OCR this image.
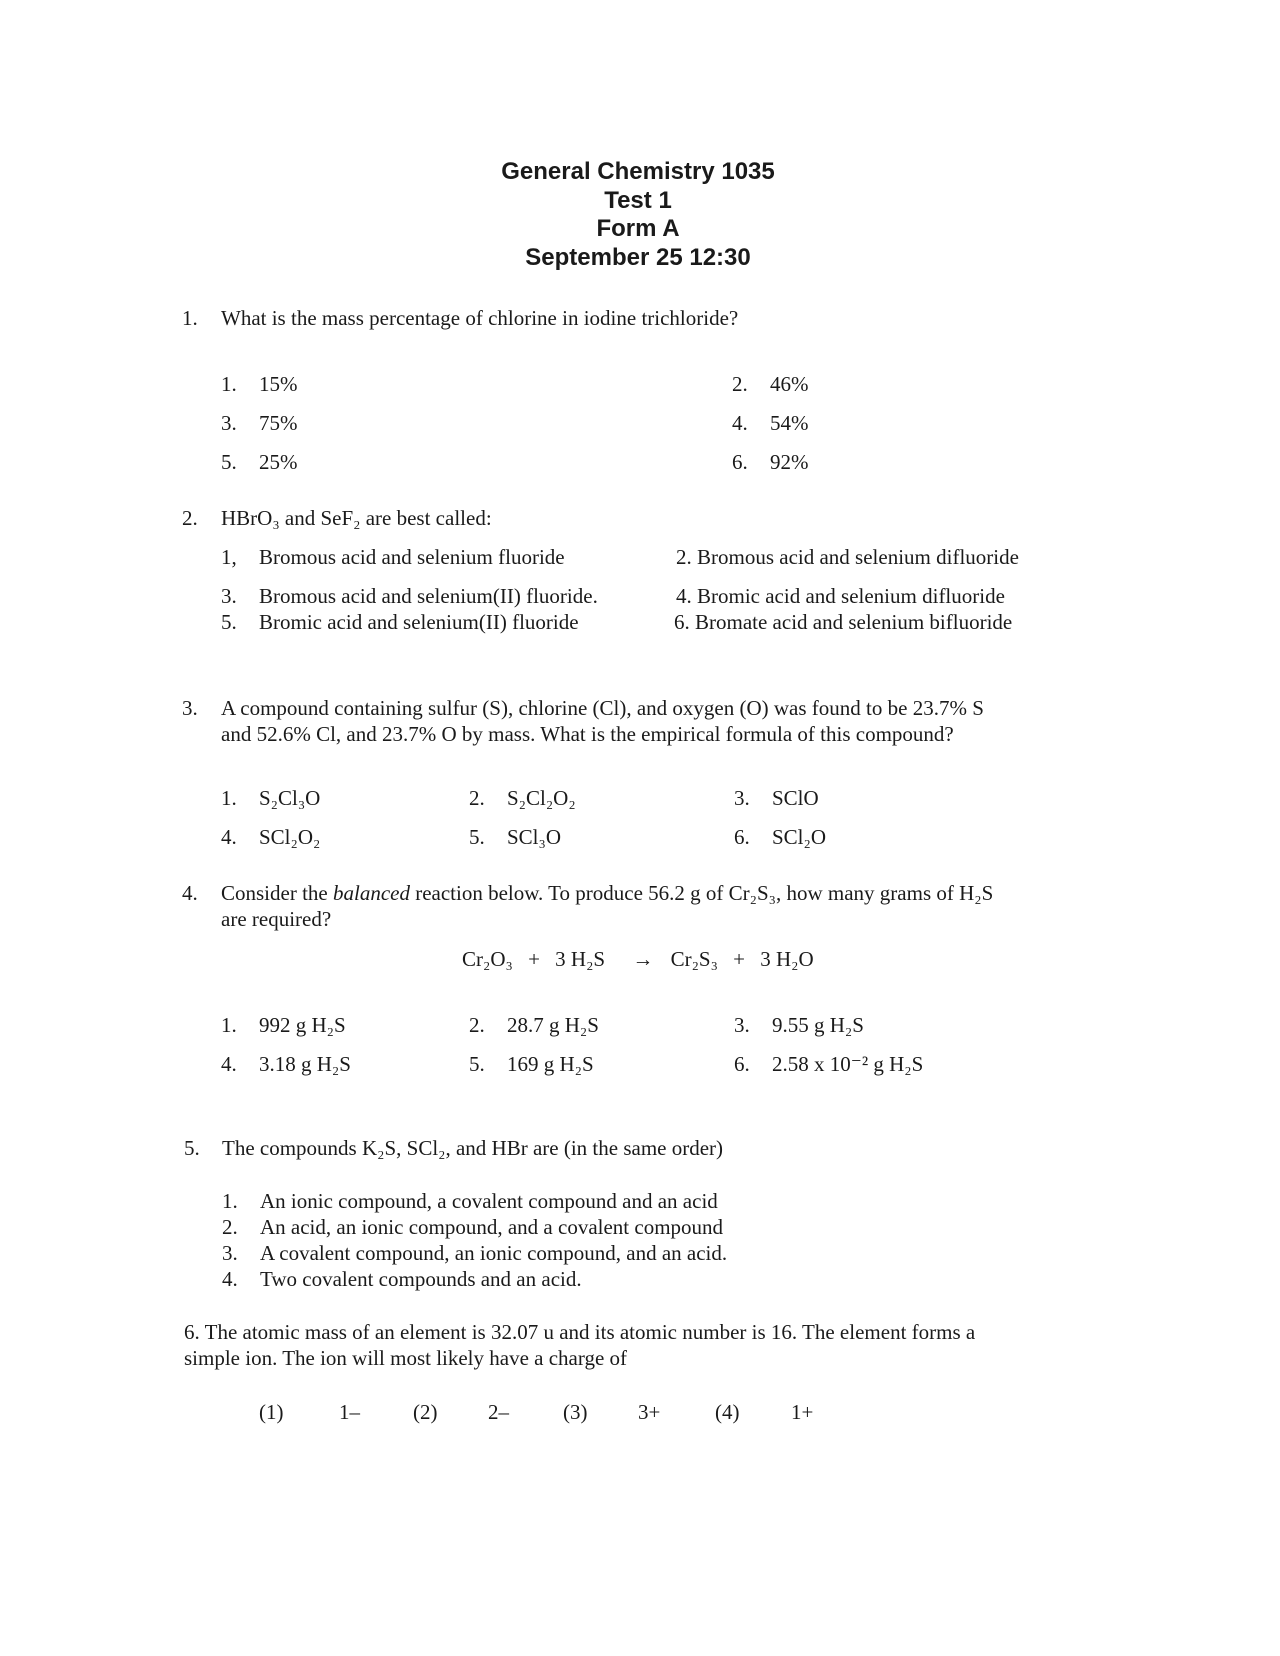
General Chemistry 1035
Test 1
Form A
September 25 12:30
1. What is the mass percentage of chlorine in iodine trichloride?
1. 15%	2. 46%
3. 75%	4. 54%
5. 25%	6. 92%
2. HBrO₃ and SeF₂ are best called:
1, Bromous acid and selenium fluoride	2. Bromous acid and selenium difluoride
3. Bromous acid and selenium(II) fluoride.	4. Bromic acid and selenium difluoride
5. Bromic acid and selenium(II) fluoride	6. Bromate acid and selenium bifluoride
3. A compound containing sulfur (S), chlorine (Cl), and oxygen (O) was found to be 23.7% S
and 52.6% Cl, and 23.7% O by mass. What is the empirical formula of this compound?
1. S₂Cl₃O	2. S₂Cl₂O₂	3. SClO
4. SCl₂O₂	5. SCl₃O	6. SCl₂O
4. Consider the balanced reaction below. To produce 56.2 g of Cr₂S₃, how many grams of H₂S
are required?
Cr₂O₃ + 3 H₂S → Cr₂S₃ + 3 H₂O
1. 992 g H₂S	2. 28.7 g H₂S	3. 9.55 g H₂S
4. 3.18 g H₂S	5. 169 g H₂S	6. 2.58 x 10⁻² g H₂S
5. The compounds K₂S, SCl₂, and HBr are (in the same order)
1. An ionic compound, a covalent compound and an acid
2. An acid, an ionic compound, and a covalent compound
3. A covalent compound, an ionic compound, and an acid.
4. Two covalent compounds and an acid.
6. The atomic mass of an element is 32.07 u and its atomic number is 16. The element forms a
simple ion. The ion will most likely have a charge of
(1)	1–	(2) 2–	(3) 3+	(4) 1+
